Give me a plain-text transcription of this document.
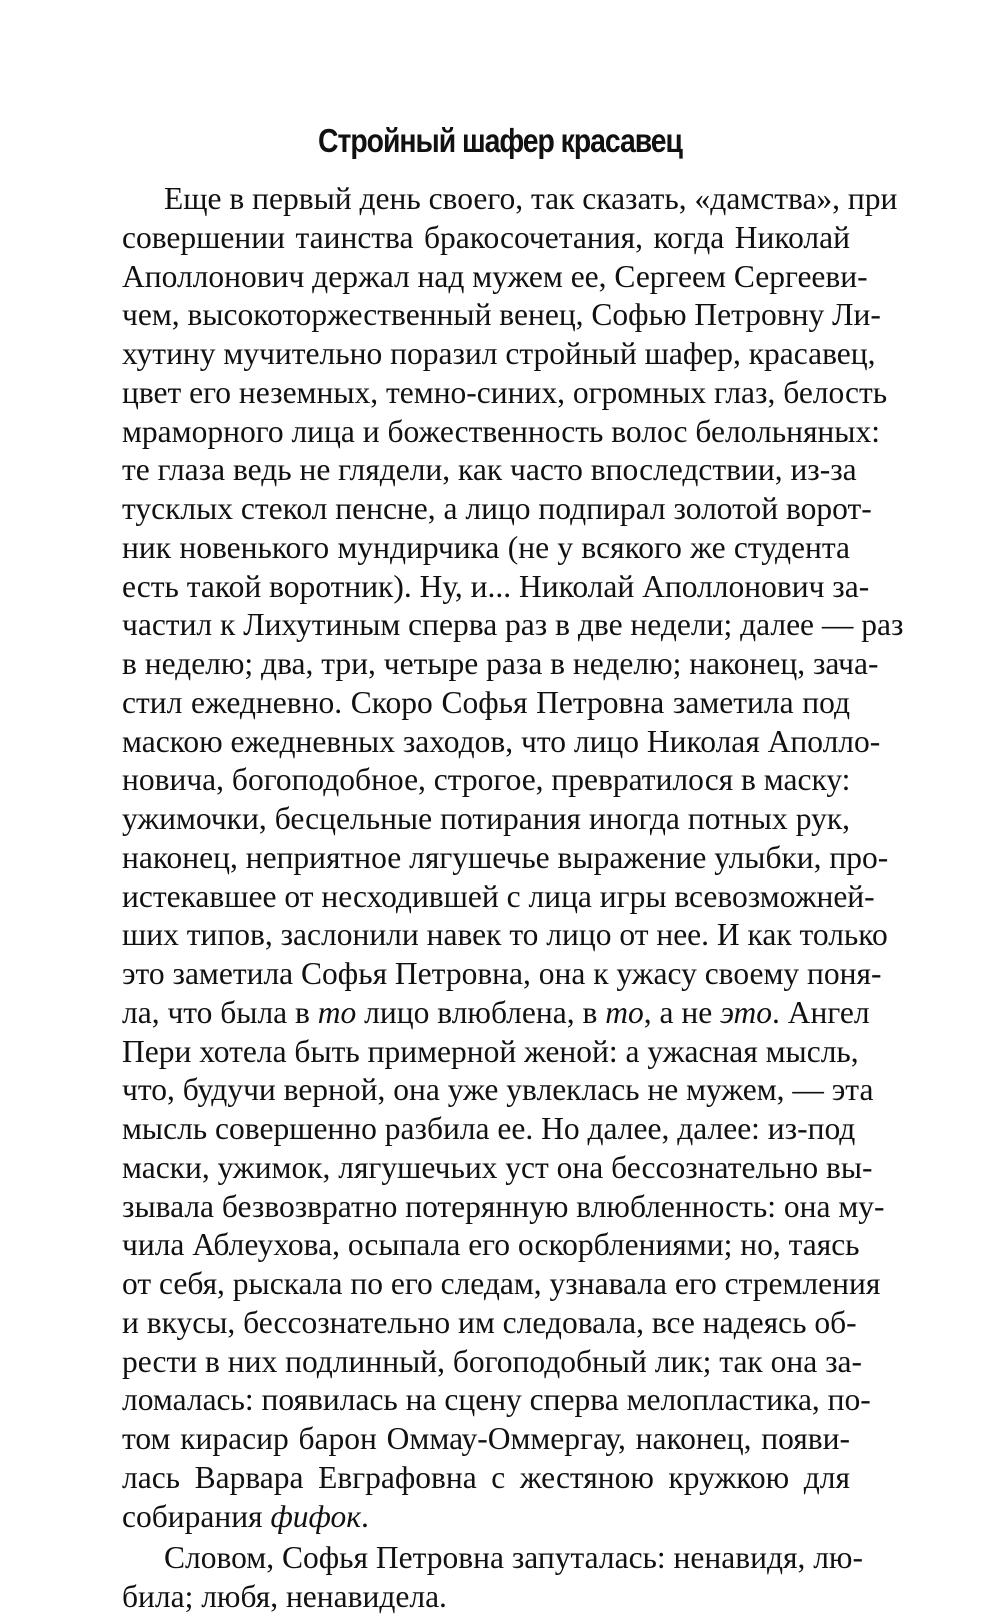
Стройный шафер красавец
Еще в первый день своего, так сказать, «дамства», при
совершении таинства бракосочетания, когда Николай
Аполлонович держал над мужем ее, Сергеем Сергееви-
чем, высокоторжественный венец, Софью Петровну Ли-
хутину мучительно поразил стройный шафер, красавец,
цвет его неземных, темно-синих, огромных глаз, белость
мраморного лица и божественность волос белольняных:
те глаза ведь не глядели, как часто впоследствии, из-за
тусклых стекол пенсне, а лицо подпирал золотой ворот-
ник новенького мундирчика (не у всякого же студента
есть такой воротник). Ну, и... Николай Аполлонович за-
частил к Лихутиным сперва раз в две недели; далее — раз
в неделю; два, три, четыре раза в неделю; наконец, зача-
стил ежедневно. Скоро Софья Петровна заметила под
маскою ежедневных заходов, что лицо Николая Аполло-
новича, богоподобное, строгое, превратилося в маску:
ужимочки, бесцельные потирания иногда потных рук,
наконец, неприятное лягушечье выражение улыбки, про-
истекавшее от несходившей с лица игры всевозможней-
ших типов, заслонили навек то лицо от нее. И как только
это заметила Софья Петровна, она к ужасу своему поня-
ла, что была в то лицо влюблена, в то, а не это. Ангел
Пери хотела быть примерной женой: а ужасная мысль,
что, будучи верной, она уже увлеклась не мужем, — эта
мысль совершенно разбила ее. Но далее, далее: из-под
маски, ужимок, лягушечьих уст она бессознательно вы-
зывала безвозвратно потерянную влюбленность: она му-
чила Аблеухова, осыпала его оскорблениями; но, таясь
от себя, рыскала по его следам, узнавала его стремления
и вкусы, бессознательно им следовала, все надеясь об-
рести в них подлинный, богоподобный лик; так она за-
ломалась: появилась на сцену сперва мелопластика, по-
том кирасир барон Оммау-Оммергау, наконец, появи-
лась Варвара Евграфовна с жестяною кружкою для
собирания фифок.
Словом, Софья Петровна запуталась: ненавидя, лю-
била; любя, ненавидела.
